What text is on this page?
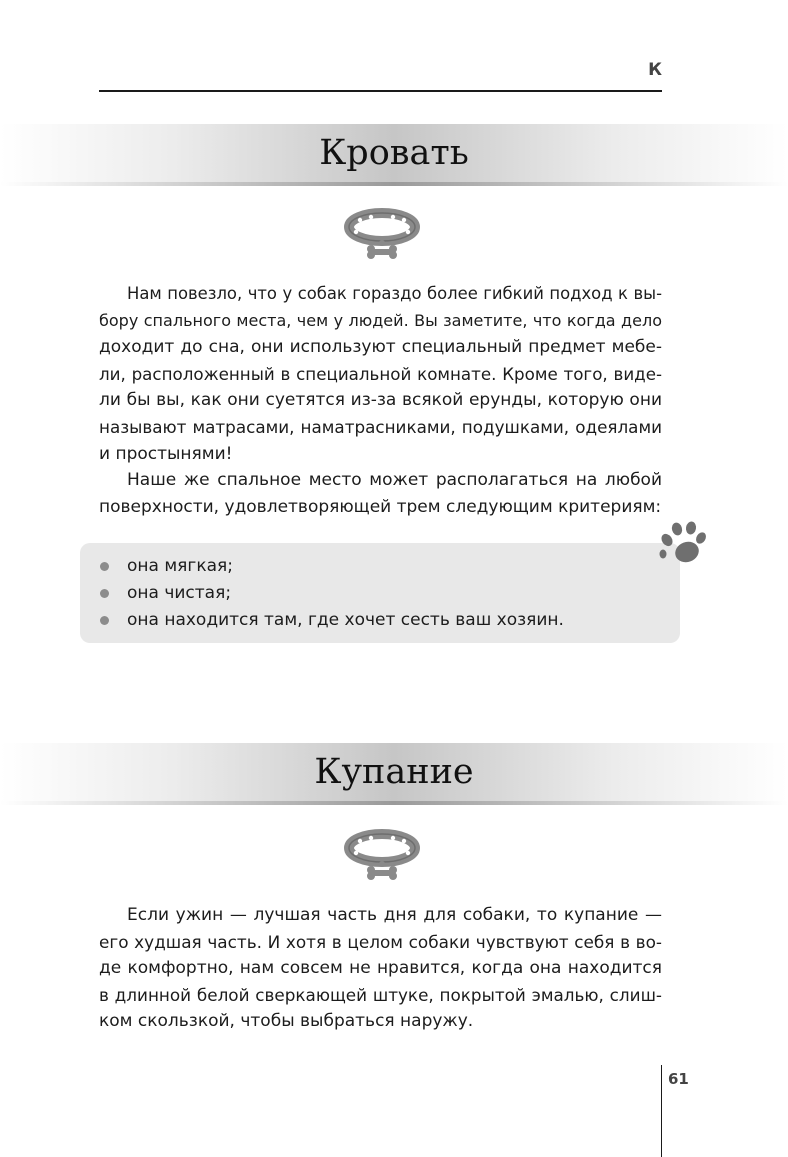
К
Кровать
Нам повезло, что у собак гораздо более гибкий подход к вы-
бору спального места, чем у людей. Вы заметите, что когда дело
доходит до сна, они используют специальный предмет мебе-
ли, расположенный в специальной комнате. Кроме того, виде-
ли бы вы, как они суетятся из-за всякой ерунды, которую они
называют матрасами, наматрасниками, подушками, одеялами
и простынями!
Наше же спальное место может располагаться на любой
поверхности, удовлетворяющей трем следующим критериям:
она мягкая;
она чистая;
она находится там, где хочет сесть ваш хозяин.
Купание
Если ужин — лучшая часть дня для собаки, то купание —
его худшая часть. И хотя в целом собаки чувствуют себя в во-
де комфортно, нам совсем не нравится, когда она находится
в длинной белой сверкающей штуке, покрытой эмалью, слиш-
ком скользкой, чтобы выбраться наружу.
61
